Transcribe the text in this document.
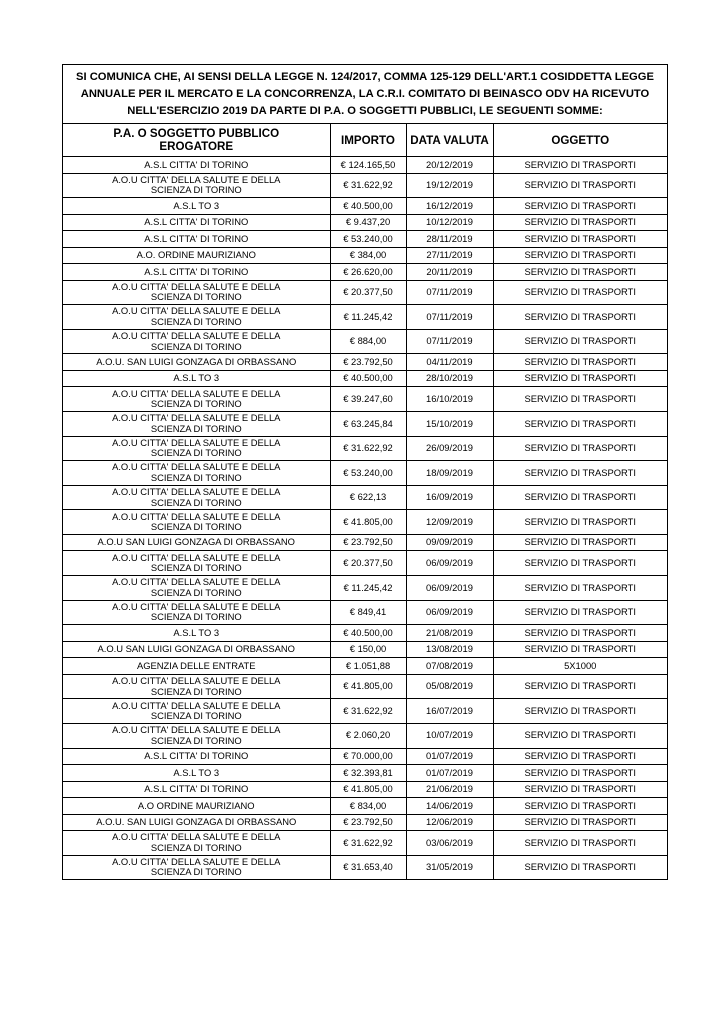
SI COMUNICA CHE, AI SENSI DELLA LEGGE N. 124/2017, COMMA 125-129 DELL'ART.1 COSIDDETTA LEGGE
ANNUALE PER IL MERCATO E LA CONCORRENZA, LA C.R.I. COMITATO DI BEINASCO ODV HA RICEVUTO
NELL'ESERCIZIO 2019 DA PARTE DI P.A. O SOGGETTI PUBBLICI, LE SEGUENTI SOMME:
P.A. O SOGGETTO PUBBLICO EROGATORE	IMPORTO	DATA VALUTA	OGGETTO
A.S.L CITTA' DI TORINO	€ 124.165,50	20/12/2019	SERVIZIO DI TRASPORTI
A.O.U CITTA' DELLA SALUTE E DELLA SCIENZA DI TORINO	€ 31.622,92	19/12/2019	SERVIZIO DI TRASPORTI
A.S.L TO 3	€ 40.500,00	16/12/2019	SERVIZIO DI TRASPORTI
A.S.L CITTA' DI TORINO	€ 9.437,20	10/12/2019	SERVIZIO DI TRASPORTI
A.S.L CITTA' DI TORINO	€ 53.240,00	28/11/2019	SERVIZIO DI TRASPORTI
A.O. ORDINE MAURIZIANO	€ 384,00	27/11/2019	SERVIZIO DI TRASPORTI
A.S.L CITTA' DI TORINO	€ 26.620,00	20/11/2019	SERVIZIO DI TRASPORTI
A.O.U CITTA' DELLA SALUTE E DELLA SCIENZA DI TORINO	€ 20.377,50	07/11/2019	SERVIZIO DI TRASPORTI
A.O.U CITTA' DELLA SALUTE E DELLA SCIENZA DI TORINO	€ 11.245,42	07/11/2019	SERVIZIO DI TRASPORTI
A.O.U CITTA' DELLA SALUTE E DELLA SCIENZA DI TORINO	€ 884,00	07/11/2019	SERVIZIO DI TRASPORTI
A.O.U. SAN LUIGI GONZAGA DI ORBASSANO	€ 23.792,50	04/11/2019	SERVIZIO DI TRASPORTI
A.S.L TO 3	€ 40.500,00	28/10/2019	SERVIZIO DI TRASPORTI
A.O.U CITTA' DELLA SALUTE E DELLA SCIENZA DI TORINO	€ 39.247,60	16/10/2019	SERVIZIO DI TRASPORTI
A.O.U CITTA' DELLA SALUTE E DELLA SCIENZA DI TORINO	€ 63.245,84	15/10/2019	SERVIZIO DI TRASPORTI
A.O.U CITTA' DELLA SALUTE E DELLA SCIENZA DI TORINO	€ 31.622,92	26/09/2019	SERVIZIO DI TRASPORTI
A.O.U CITTA' DELLA SALUTE E DELLA SCIENZA DI TORINO	€ 53.240,00	18/09/2019	SERVIZIO DI TRASPORTI
A.O.U CITTA' DELLA SALUTE E DELLA SCIENZA DI TORINO	€ 622,13	16/09/2019	SERVIZIO DI TRASPORTI
A.O.U CITTA' DELLA SALUTE E DELLA SCIENZA DI TORINO	€ 41.805,00	12/09/2019	SERVIZIO DI TRASPORTI
A.O.U SAN LUIGI GONZAGA DI ORBASSANO	€ 23.792,50	09/09/2019	SERVIZIO DI TRASPORTI
A.O.U CITTA' DELLA SALUTE E DELLA SCIENZA DI TORINO	€ 20.377,50	06/09/2019	SERVIZIO DI TRASPORTI
A.O.U CITTA' DELLA SALUTE E DELLA SCIENZA DI TORINO	€ 11.245,42	06/09/2019	SERVIZIO DI TRASPORTI
A.O.U CITTA' DELLA SALUTE E DELLA SCIENZA DI TORINO	€ 849,41	06/09/2019	SERVIZIO DI TRASPORTI
A.S.L TO 3	€ 40.500,00	21/08/2019	SERVIZIO DI TRASPORTI
A.O.U SAN LUIGI GONZAGA DI ORBASSANO	€ 150,00	13/08/2019	SERVIZIO DI TRASPORTI
AGENZIA DELLE ENTRATE	€ 1.051,88	07/08/2019	5X1000
A.O.U CITTA' DELLA SALUTE E DELLA SCIENZA DI TORINO	€ 41.805,00	05/08/2019	SERVIZIO DI TRASPORTI
A.O.U CITTA' DELLA SALUTE E DELLA SCIENZA DI TORINO	€ 31.622,92	16/07/2019	SERVIZIO DI TRASPORTI
A.O.U CITTA' DELLA SALUTE E DELLA SCIENZA DI TORINO	€ 2.060,20	10/07/2019	SERVIZIO DI TRASPORTI
A.S.L CITTA' DI TORINO	€ 70.000,00	01/07/2019	SERVIZIO DI TRASPORTI
A.S.L TO 3	€ 32.393,81	01/07/2019	SERVIZIO DI TRASPORTI
A.S.L CITTA' DI TORINO	€ 41.805,00	21/06/2019	SERVIZIO DI TRASPORTI
A.O ORDINE MAURIZIANO	€ 834,00	14/06/2019	SERVIZIO DI TRASPORTI
A.O.U. SAN LUIGI GONZAGA DI ORBASSANO	€ 23.792,50	12/06/2019	SERVIZIO DI TRASPORTI
A.O.U CITTA' DELLA SALUTE E DELLA SCIENZA DI TORINO	€ 31.622,92	03/06/2019	SERVIZIO DI TRASPORTI
A.O.U CITTA' DELLA SALUTE E DELLA SCIENZA DI TORINO	€ 31.653,40	31/05/2019	SERVIZIO DI TRASPORTI
